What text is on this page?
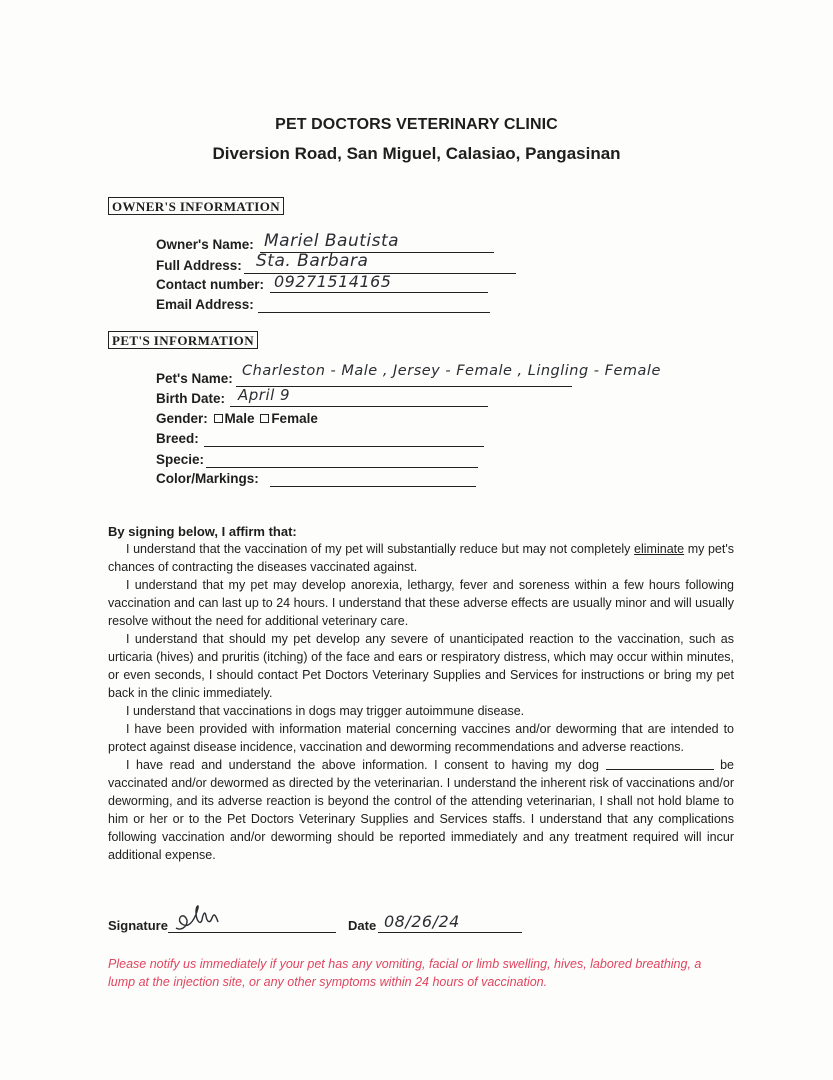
PET DOCTORS VETERINARY CLINIC
Diversion Road, San Miguel, Calasiao, Pangasinan
OWNER'S INFORMATION
Owner's Name: Mariel Bautista
Full Address: Sta. Barbara
Contact number: 09271514165
Email Address:
PET'S INFORMATION
Pet's Name: Charleston - Male , Jersey - Female , Lingling - Female
Birth Date: April 9
Gender: Male Female
Breed:
Specie:
Color/Markings:
By signing below, I affirm that:

I understand that the vaccination of my pet will substantially reduce but may not completely eliminate my pet's chances of contracting the diseases vaccinated against.

I understand that my pet may develop anorexia, lethargy, fever and soreness within a few hours following vaccination and can last up to 24 hours. I understand that these adverse effects are usually minor and will usually resolve without the need for additional veterinary care.

I understand that should my pet develop any severe of unanticipated reaction to the vaccination, such as urticaria (hives) and pruritis (itching) of the face and ears or respiratory distress, which may occur within minutes, or even seconds, I should contact Pet Doctors Veterinary Supplies and Services for instructions or bring my pet back in the clinic immediately.

I understand that vaccinations in dogs may trigger autoimmune disease.

I have been provided with information material concerning vaccines and/or deworming that are intended to protect against disease incidence, vaccination and deworming recommendations and adverse reactions.

I have read and understand the above information. I consent to having my dog	be vaccinated and/or dewormed as directed by the veterinarian. I understand the inherent risk of vaccinations and/or deworming, and its adverse reaction is beyond the control of the attending veterinarian, I shall not hold blame to him or her or to the Pet Doctors Veterinary Supplies and Services staffs. I understand that any complications following vaccination and/or deworming should be reported immediately and any treatment required will incur additional expense.

Signature	Date 08/26/24
Please notify us immediately if your pet has any vomiting, facial or limb swelling, hives, labored breathing, a lump at the injection site, or any other symptoms within 24 hours of vaccination.
